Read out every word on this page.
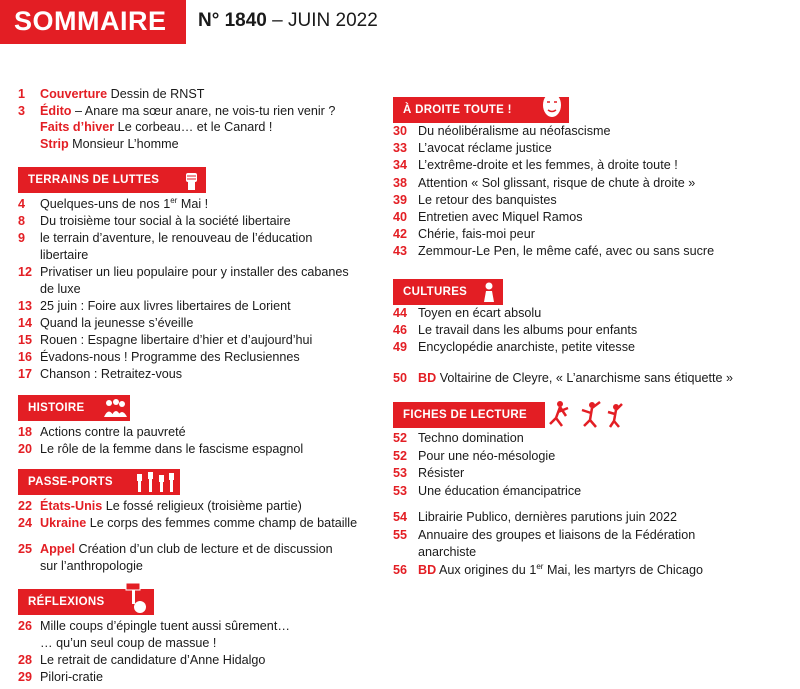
SOMMAIRE N° 1840 – JUIN 2022
1 Couverture Dessin de RNST
3 Édito – Anare ma sœur anare, ne vois-tu rien venir ?
Faits d’hiver Le corbeau… et le Canard !
Strip Monsieur L’homme
TERRAINS DE LUTTES
4 Quelques-uns de nos 1er Mai !
8 Du troisième tour social à la société libertaire
9 le terrain d’aventure, le renouveau de l’éducation
libertaire
12 Privatiser un lieu populaire pour y installer des cabanes
de luxe
13 25 juin : Foire aux livres libertaires de Lorient
14 Quand la jeunesse s’éveille
15 Rouen : Espagne libertaire d’hier et d’aujourd’hui
16 Évadons-nous ! Programme des Reclusiennes
17 Chanson : Retraitez-vous
HISTOIRE
18 Actions contre la pauvreté
20 Le rôle de la femme dans le fascisme espagnol
PASSE-PORTS
22 États-Unis Le fossé religieux (troisième partie)
24 Ukraine Le corps des femmes comme champ de bataille
25 Appel Création d’un club de lecture et de discussion
sur l’anthropologie
RÉFLEXIONS
26 Mille coups d’épingle tuent aussi sûrement…
… qu’un seul coup de massue !
28 Le retrait de candidature d’Anne Hidalgo
29 Pilori-cratie
À DROITE TOUTE !
30 Du néolibéralisme au néofascisme
33 L’avocat réclame justice
34 L’extrême-droite et les femmes, à droite toute !
38 Attention « Sol glissant, risque de chute à droite »
39 Le retour des banquistes
40 Entretien avec Miquel Ramos
42 Chérie, fais-moi peur
43 Zemmour-Le Pen, le même café, avec ou sans sucre
CULTURES
44 Toyen en écart absolu
46 Le travail dans les albums pour enfants
49 Encyclopédie anarchiste, petite vitesse
50 BD Voltairine de Cleyre, « L’anarchisme sans étiquette »
FICHES DE LECTURE
52 Techno domination
52 Pour une néo-mésologie
53 Résister
53 Une éducation émancipatrice
54 Librairie Publico, dernières parutions juin 2022
55 Annuaire des groupes et liaisons de la Fédération
anarchiste
56 BD Aux origines du 1er Mai, les martyrs de Chicago
